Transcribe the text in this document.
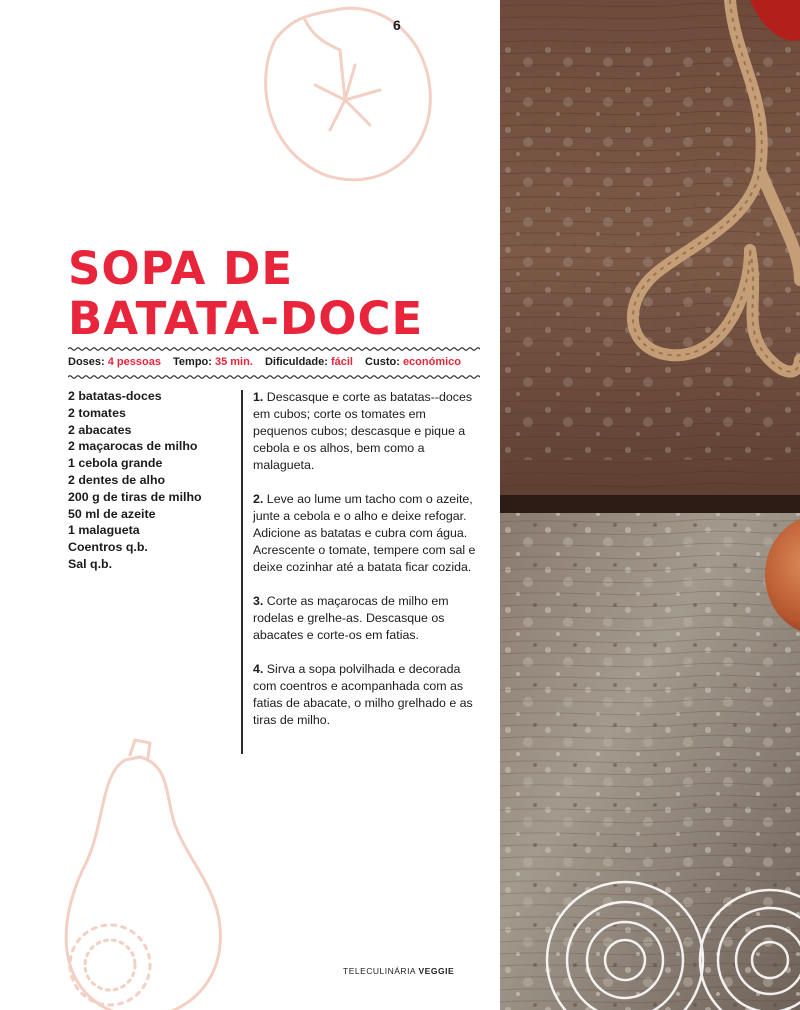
6
SOPA DE
BATATA-DOCE
Doses: 4 pessoas Tempo: 35 min. Dificuldade: fácil Custo: económico
2 batatas-doces
2 tomates
2 abacates
2 maçarocas de milho
1 cebola grande
2 dentes de alho
200 g de tiras de milho
50 ml de azeite
1 malagueta
Coentros q.b.
Sal q.b.

1. Descasque e corte as batatas--doces em cubos; corte os tomates em pequenos cubos; descasque e pique a cebola e os alhos, bem como a malagueta.

2. Leve ao lume um tacho com o azeite, junte a cebola e o alho e deixe refogar. Adicione as batatas e cubra com água. Acrescente o tomate, tempere com sal e deixe cozinhar até a batata ficar cozida.

3. Corte as maçarocas de milho em rodelas e grelhe-as. Descasque os abacates e corte-os em fatias.

4. Sirva a sopa polvilhada e decorada com coentros e acompanhada com as fatias de abacate, o milho grelhado e as tiras de milho.

TELECULINÁRIA VEGGIE
